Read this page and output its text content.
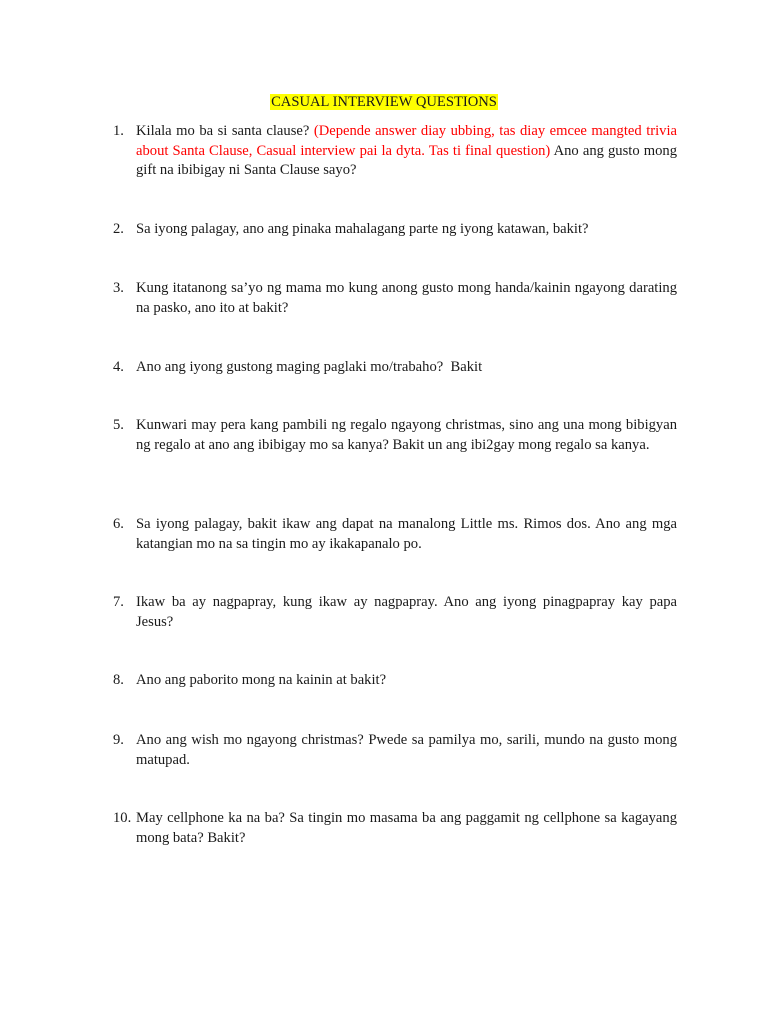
CASUAL INTERVIEW QUESTIONS
1. Kilala mo ba si santa clause? (Depende answer diay ubbing, tas diay emcee mangted trivia about Santa Clause, Casual interview pai la dyta. Tas ti final question) Ano ang gusto mong gift na ibibigay ni Santa Clause sayo?
2. Sa iyong palagay, ano ang pinaka mahalagang parte ng iyong katawan, bakit?
3. Kung itatanong sa’yo ng mama mo kung anong gusto mong handa/kainin ngayong darating na pasko, ano ito at bakit?
4. Ano ang iyong gustong maging paglaki mo/trabaho?  Bakit
5. Kunwari may pera kang pambili ng regalo ngayong christmas, sino ang una mong bibigyan ng regalo at ano ang ibibigay mo sa kanya? Bakit un ang ibi2gay mong regalo sa kanya.
6. Sa iyong palagay, bakit ikaw ang dapat na manalong Little ms. Rimos dos. Ano ang mga katangian mo na sa tingin mo ay ikakapanalo po.
7. Ikaw ba ay nagpapray, kung ikaw ay nagpapray. Ano ang iyong pinagpapray kay papa Jesus?
8. Ano ang paborito mong na kainin at bakit?
9. Ano ang wish mo ngayong christmas? Pwede sa pamilya mo, sarili, mundo na gusto mong matupad.
10. May cellphone ka na ba? Sa tingin mo masama ba ang paggamit ng cellphone sa kagayang mong bata? Bakit?
